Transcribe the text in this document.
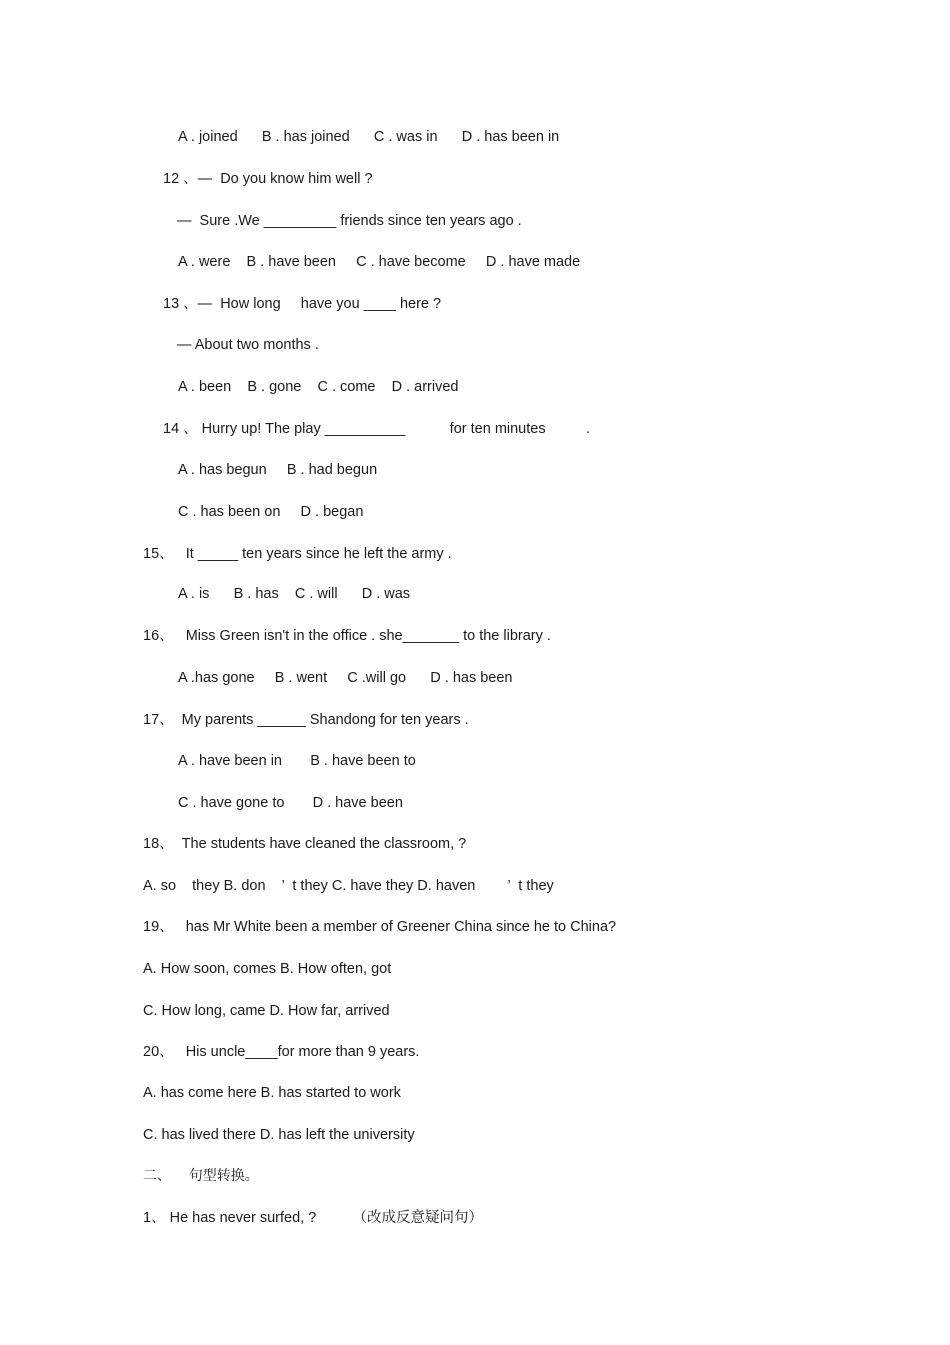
A . joined      B . has joined      C . was in      D . has been in
12 、—  Do you know him well ?
—  Sure .We _________ friends since ten years ago .
A . were    B . have been     C . have become     D . have made
13 、—  How long     have you ____ here ?
— About two months .
A . been    B . gone    C . come    D . arrived
14 、 Hurry up! The play __________           for ten minutes          .
A . has begun     B . had begun
C . has been on     D . began
15、   It _____ ten years since he left the army .
A . is      B . has    C . will      D . was
16、   Miss Green isn't in the office . she_______ to the library .
A .has gone     B . went     C .will go      D . has been
17、  My parents ______ Shandong for ten years .
A . have been in       B . have been to
C . have gone to       D . have been
18、  The students have cleaned the classroom, ?
A. so    they B. don    ’  t they C. have they D. haven        ’  t they
19、   has Mr White been a member of Greener China since he to China?
A. How soon, comes B. How often, got
C. How long, came D. How far, arrived
20、   His uncle____for more than 9 years.
A. has come here B. has started to work
C. has lived there D. has left the university
二、    句型转换。
1、 He has never surfed, ?         （改成反意疑问句）
